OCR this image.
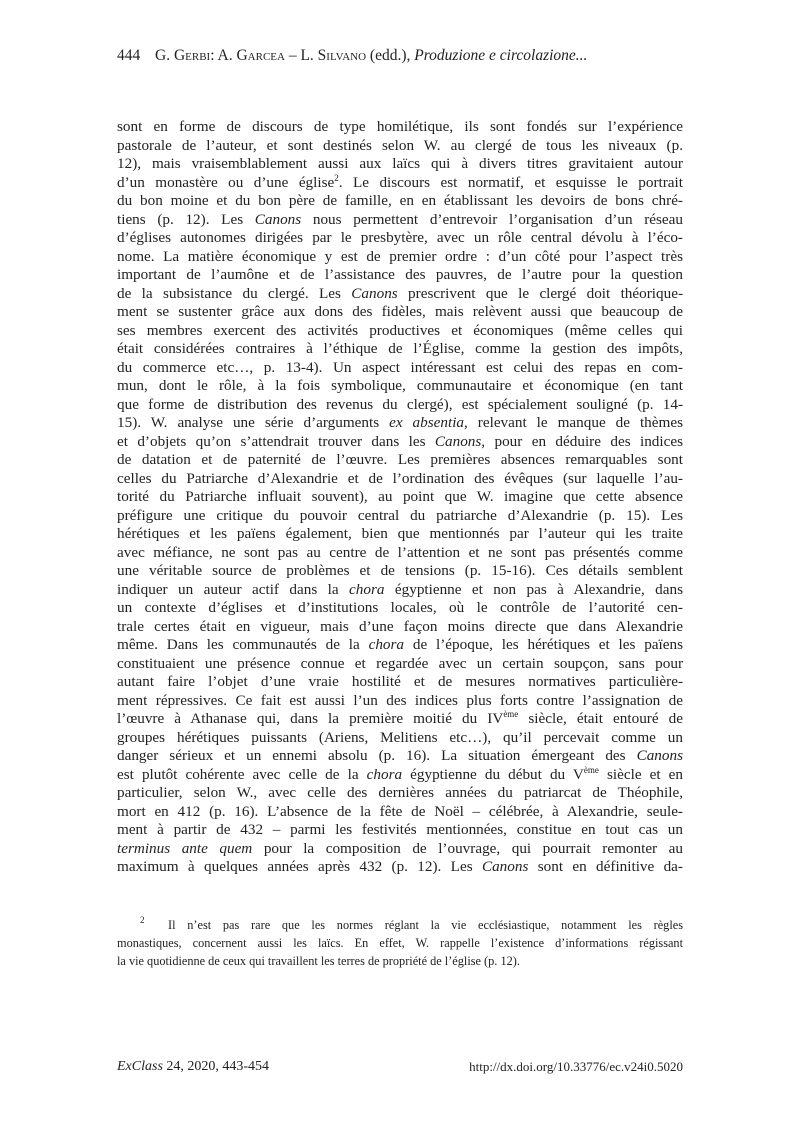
444 G. Gerbi: A. Garcea – L. Silvano (edd.), Produzione e circolazione...
sont en forme de discours de type homilétique, ils sont fondés sur l’expérience
pastorale de l’auteur, et sont destinés selon W. au clergé de tous les niveaux (p.
12), mais vraisemblablement aussi aux laïcs qui à divers titres gravitaient autour
d’un monastère ou d’une église$^2$. Le discours est normatif, et esquisse le portrait
du bon moine et du bon père de famille, en en établissant les devoirs de bons chré-
tiens (p. 12). Les Canons nous permettent d’entrevoir l’organisation d’un réseau
d’églises autonomes dirigées par le presbytère, avec un rôle central dévolu à l’éco-
nome. La matière économique y est de premier ordre : d’un côté pour l’aspect très
important de l’aumône et de l’assistance des pauvres, de l’autre pour la question
de la subsistance du clergé. Les Canons prescrivent que le clergé doit théorique-
ment se sustenter grâce aux dons des fidèles, mais relèvent aussi que beaucoup de
ses membres exercent des activités productives et économiques (même celles qui
était considérées contraires à l’éthique de l’Église, comme la gestion des impôts,
du commerce etc…, p. 13-4). Un aspect intéressant est celui des repas en com-
mun, dont le rôle, à la fois symbolique, communautaire et économique (en tant
que forme de distribution des revenus du clergé), est spécialement souligné (p. 14-
15). W. analyse une série d’arguments ex absentia, relevant le manque de thèmes
et d’objets qu’on s’attendrait trouver dans les Canons, pour en déduire des indices
de datation et de paternité de l’œuvre. Les premières absences remarquables sont
celles du Patriarche d’Alexandrie et de l’ordination des évêques (sur laquelle l’au-
torité du Patriarche influait souvent), au point que W. imagine que cette absence
préfigure une critique du pouvoir central du patriarche d’Alexandrie (p. 15). Les
hérétiques et les païens également, bien que mentionnés par l’auteur qui les traite
avec méfiance, ne sont pas au centre de l’attention et ne sont pas présentés comme
une véritable source de problèmes et de tensions (p. 15-16). Ces détails semblent
indiquer un auteur actif dans la chora égyptienne et non pas à Alexandrie, dans
un contexte d’églises et d’institutions locales, où le contrôle de l’autorité cen-
trale certes était en vigueur, mais d’une façon moins directe que dans Alexandrie
même. Dans les communautés de la chora de l’époque, les hérétiques et les païens
constituaient une présence connue et regardée avec un certain soupçon, sans pour
autant faire l’objet d’une vraie hostilité et de mesures normatives particulière-
ment répressives. Ce fait est aussi l’un des indices plus forts contre l’assignation de
l’œuvre à Athanase qui, dans la première moitié du IVème siècle, était entouré de
groupes hérétiques puissants (Ariens, Melitiens etc…), qu’il percevait comme un
danger sérieux et un ennemi absolu (p. 16). La situation émergeant des Canons
est plutôt cohérente avec celle de la chora égyptienne du début du Vème siècle et en
particulier, selon W., avec celle des dernières années du patriarcat de Théophile,
mort en 412 (p. 16). L’absence de la fête de Noël – célébrée, à Alexandrie, seule-
ment à partir de 432 – parmi les festivités mentionnées, constitue en tout cas un
terminus ante quem pour la composition de l’ouvrage, qui pourrait remonter au
maximum à quelques années après 432 (p. 12). Les Canons sont en définitive da-
$^2$  Il n’est pas rare que les normes réglant la vie ecclésiastique, notamment les règles
monastiques, concernent aussi les laïcs. En effet, W. rappelle l’existence d’informations régissant
la vie quotidienne de ceux qui travaillent les terres de propriété de l’église (p. 12).
ExClass 24, 2020, 443-454	http://dx.doi.org/10.33776/ec.v24i0.5020
